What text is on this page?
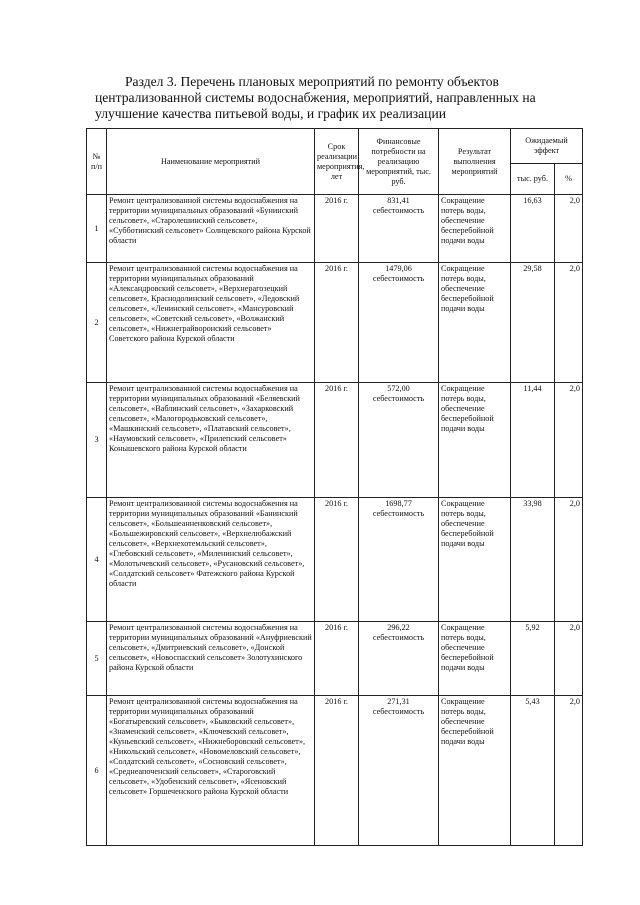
Раздел 3. Перечень плановых мероприятий по ремонту объектов

централизованной системы водоснабжения, мероприятий, направленных на

улучшение качества питьевой воды, и график их реализации

№ п/п	Наименование мероприятий	Срок реализации мероприятия, лет	Финансовые потребности на реализацию мероприятий, тыс. руб.	Результат выполнения мероприятий	Ожидаемый эффект	
					тыс. руб.	%
1	Ремонт централизованной системы водоснабжения на территории муниципальных образований «Бунинский сельсовет», «Старолешинский сельсовет», «Субботинский сельсовет» Солнцевского района Курской области	2016 г.	831,41 себестоимость	Сокращение потерь воды, обеспечение бесперебойной подачи воды	16,63	2,0
2	Ремонт централизованной системы водоснабжения на территории муниципальных образований «Александровский сельсовет», «Верхнерагозецкий сельсовет», Краснодолинский сельсовет», «Ледовский сельсовет», «Ленинский сельсовет», «Мансуровский сельсовет», «Советский сельсовет», «Волжанский сельсовет», «Нижнеграйворонский сельсовет» Советского района Курской области	2016 г.	1479,06 себестоимость	Сокращение потерь воды, обеспечение бесперебойной подачи воды	29,58	2,0
3	Ремонт централизованной системы водоснабжения на территории муниципальных образований «Беляевский сельсовет», «Ваблинский сельсовет», «Захарковский сельсовет», «Малогородьковский сельсовет», «Машкинский сельсовет», «Платавский сельсовет», «Наумовский сельсовет», «Прилепский сельсовет» Конышевского района Курской области	2016 г.	572,00 себестоимость	Сокращение потерь воды, обеспечение бесперебойной подачи воды	11,44	2,0
4	Ремонт централизованной системы водоснабжения на территории муниципальных образований «Банинский сельсовет», «Большеанненковский сельсовет», «Большежировский сельсовет», «Верхнелюбажский сельсовет», «Верхнехотемльский сельсовет», «Глебовский сельсовет», «Миленинский сельсовет», «Молотычевский сельсовет», «Русановский сельсовет», «Солдатский сельсовет» Фатежского района Курской области	2016 г.	1698,77 себестоимость	Сокращение потерь воды, обеспечение бесперебойной подачи воды	33,98	2,0
5	Ремонт централизованной системы водоснабжения на территории муниципальных образований «Ануфриевский сельсовет», «Дмитриевский сельсовет», «Донской сельсовет», «Новоспасский сельсовет» Золотухинского района Курской области	2016 г.	296,22 себестоимость	Сокращение потерь воды, обеспечение бесперебойной подачи воды	5,92	2,0
6	Ремонт централизованной системы водоснабжения на территории муниципальных образований «Богатыревский сельсовет», «Быковский сельсовет», «Знаменский сельсовет», «Ключевский сельсовет», «Куньевский сельсовет», «Нижнеборовский сельсовет», «Никольский сельсовет», «Новомеловский сельсовет», «Солдатский сельсовет», «Сосновский сельсовет», «Среднеапоченский сельсовет», «Староговский сельсовет», «Удобенский сельсовет», «Ясеновский сельсовет» Горшеченского района Курской области	2016 г.	271,31 себестоимость	Сокращение потерь воды, обеспечение бесперебойной подачи воды	5,43	2,0
